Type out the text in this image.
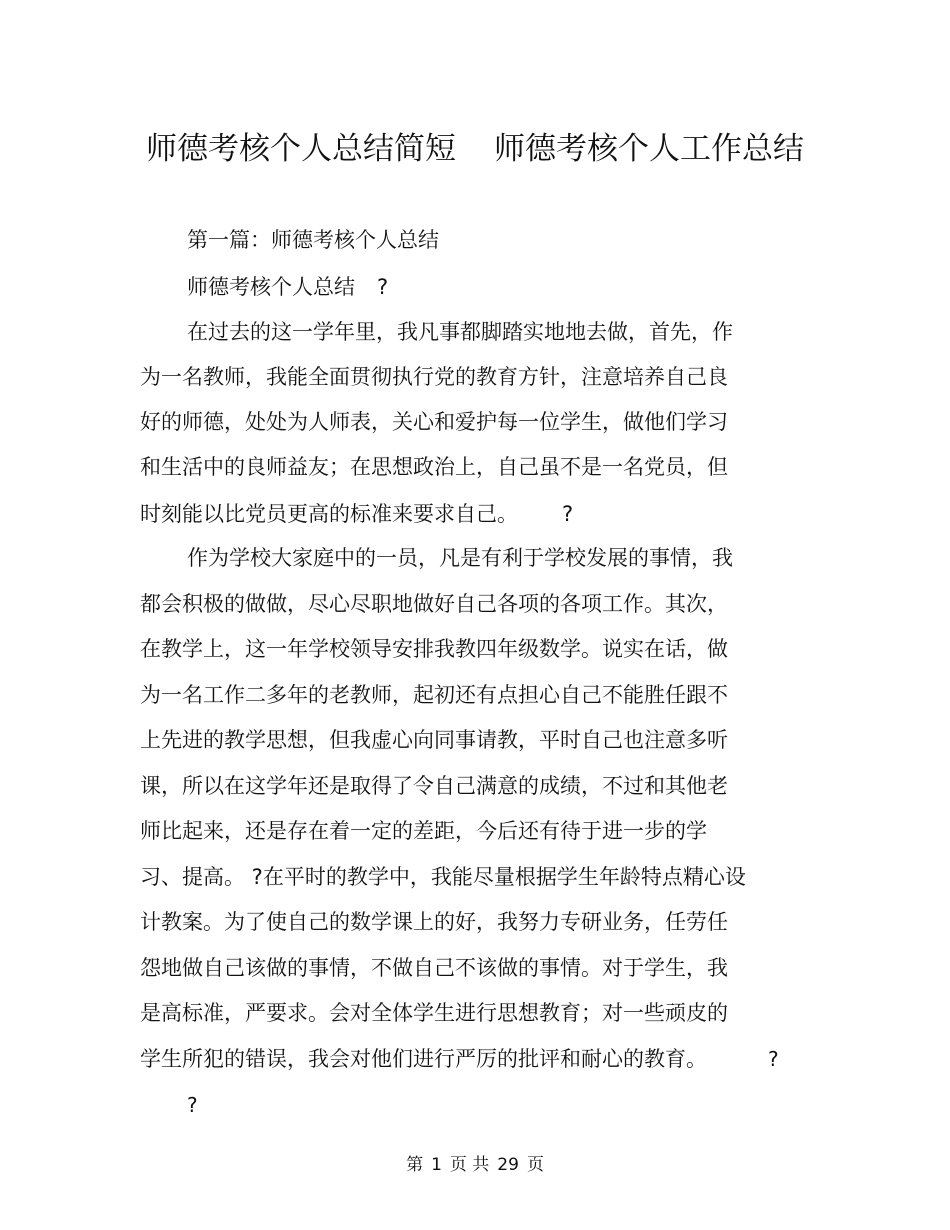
师德考核个人总结简短 师德考核个人工作总结
第一篇：师德考核个人总结
师德考核个人总结 ?
在过去的这一学年里，我凡事都脚踏实地地去做，首先，作
为一名教师，我能全面贯彻执行党的教育方针，注意培养自己良
好的师德，处处为人师表，关心和爱护每一位学生，做他们学习
和生活中的良师益友；在思想政治上，自己虽不是一名党员，但
时刻能以比党员更高的标准来要求自己。 ?
作为学校大家庭中的一员，凡是有利于学校发展的事情，我
都会积极的做做，尽心尽职地做好自己各项的各项工作。其次，
在教学上，这一年学校领导安排我教四年级数学。说实在话，做
为一名工作二多年的老教师，起初还有点担心自己不能胜任跟不
上先进的教学思想，但我虚心向同事请教，平时自己也注意多听
课，所以在这学年还是取得了令自己满意的成绩，不过和其他老
师比起来，还是存在着一定的差距，今后还有待于进一步的学
习、提高。 ?在平时的教学中，我能尽量根据学生年龄特点精心设
计教案。为了使自己的数学课上的好，我努力专研业务，任劳任
怨地做自己该做的事情，不做自己不该做的事情。对于学生，我
是高标准，严要求。会对全体学生进行思想教育；对一些顽皮的
学生所犯的错误，我会对他们进行严厉的批评和耐心的教育。	?
?
第 1 页 共 29 页
